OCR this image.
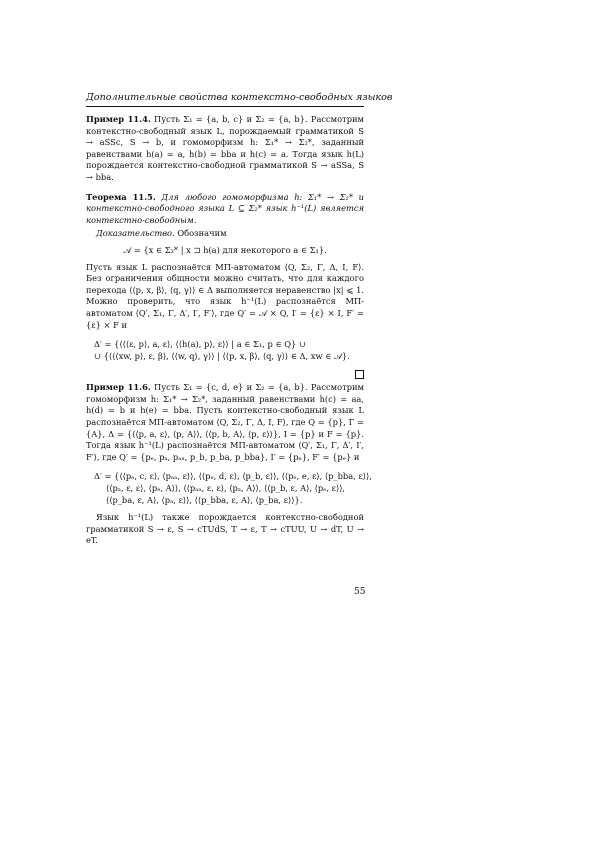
Дополнительные свойства контекстно-свободных языков

Пример 11.4. Пусть Σ₁ = {a, b, c} и Σ₂ = {a, b}. Рассмотрим контекстно-свободный язык L, порождаемый грамматикой S → aSSc, S → b, и гомоморфизм h: Σ₁* → Σ₂*, заданный равенствами h(a) = a, h(b) = bba и h(c) = a. Тогда язык h(L) порождается контекстно-свободной грамматикой S → aSSa, S → bba.

Теорема 11.5. Для любого гомоморфизма h: Σ₁* → Σ₂* и контекстно-свободного языка L ⊆ Σ₂* язык h⁻¹(L) является контекстно-свободным.

Доказательство. Обозначим

𝒜 = {x ∈ Σ₂* | x ⊐ h(a) для некоторого a ∈ Σ₁}.

Пусть язык L распознаётся МП-автоматом ⟨Q, Σ₂, Γ, Δ, I, F⟩. Без ограничения общности можно считать, что для каждого перехода ⟨⟨p, x, β⟩, ⟨q, γ⟩⟩ ∈ Δ выполняется неравенство |x| ⩽ 1. Можно проверить, что язык h⁻¹(L) распознаётся МП-автоматом ⟨Q′, Σ₁, Γ, Δ′, I′, F′⟩, где Q′ = 𝒜 × Q, I′ = {ε} × I, F′ = {ε} × F и

Δ′ = {⟨⟨⟨ε, p⟩, a, ε⟩, ⟨⟨h(a), p⟩, ε⟩⟩ | a ∈ Σ₁, p ∈ Q} ∪
∪ {⟨⟨⟨xw, p⟩, ε, β⟩, ⟨⟨w, q⟩, γ⟩⟩ | ⟨⟨p, x, β⟩, ⟨q, γ⟩⟩ ∈ Δ, xw ∈ 𝒜}.

Пример 11.6. Пусть Σ₁ = {c, d, e} и Σ₂ = {a, b}. Рассмотрим гомоморфизм h: Σ₁* → Σ₂*, заданный равенствами h(c) = aa, h(d) = b и h(e) = bba. Пусть контекстно-свободный язык L распознаётся МП-автоматом ⟨Q, Σ₂, Γ, Δ, I, F⟩, где Q = {p}, Γ = {A}, Δ = {⟨⟨p, a, ε⟩, ⟨p, A⟩⟩, ⟨⟨p, b, A⟩, ⟨p, ε⟩⟩}, I = {p} и F = {p}. Тогда язык h⁻¹(L) распознаётся МП-автоматом ⟨Q′, Σ₁, Γ, Δ′, I′, F′⟩, где Q′ = {pₑ, pₐ, pₐₐ, p_b, p_ba, p_bba}, I′ = {pₑ}, F′ = {pₑ} и

Δ′ = {⟨⟨pₑ, c, ε⟩, ⟨pₐₐ, ε⟩⟩, ⟨⟨pₑ, d, ε⟩, ⟨p_b, ε⟩⟩, ⟨⟨pₑ, e, ε⟩, ⟨p_bba, ε⟩⟩,
⟨⟨pₐ, ε, ε⟩, ⟨pₑ, A⟩⟩, ⟨⟨pₐₐ, ε, ε⟩, ⟨pₐ, A⟩⟩, ⟨⟨p_b, ε, A⟩, ⟨pₑ, ε⟩⟩,
⟨⟨p_ba, ε, A⟩, ⟨pₐ, ε⟩⟩, ⟨⟨p_bba, ε, A⟩, ⟨p_ba, ε⟩⟩}.

Язык h⁻¹(L) также порождается контекстно-свободной грамматикой S → ε, S → cTUdS, T → ε, T → cTUU, U → dT, U → eT.

55
